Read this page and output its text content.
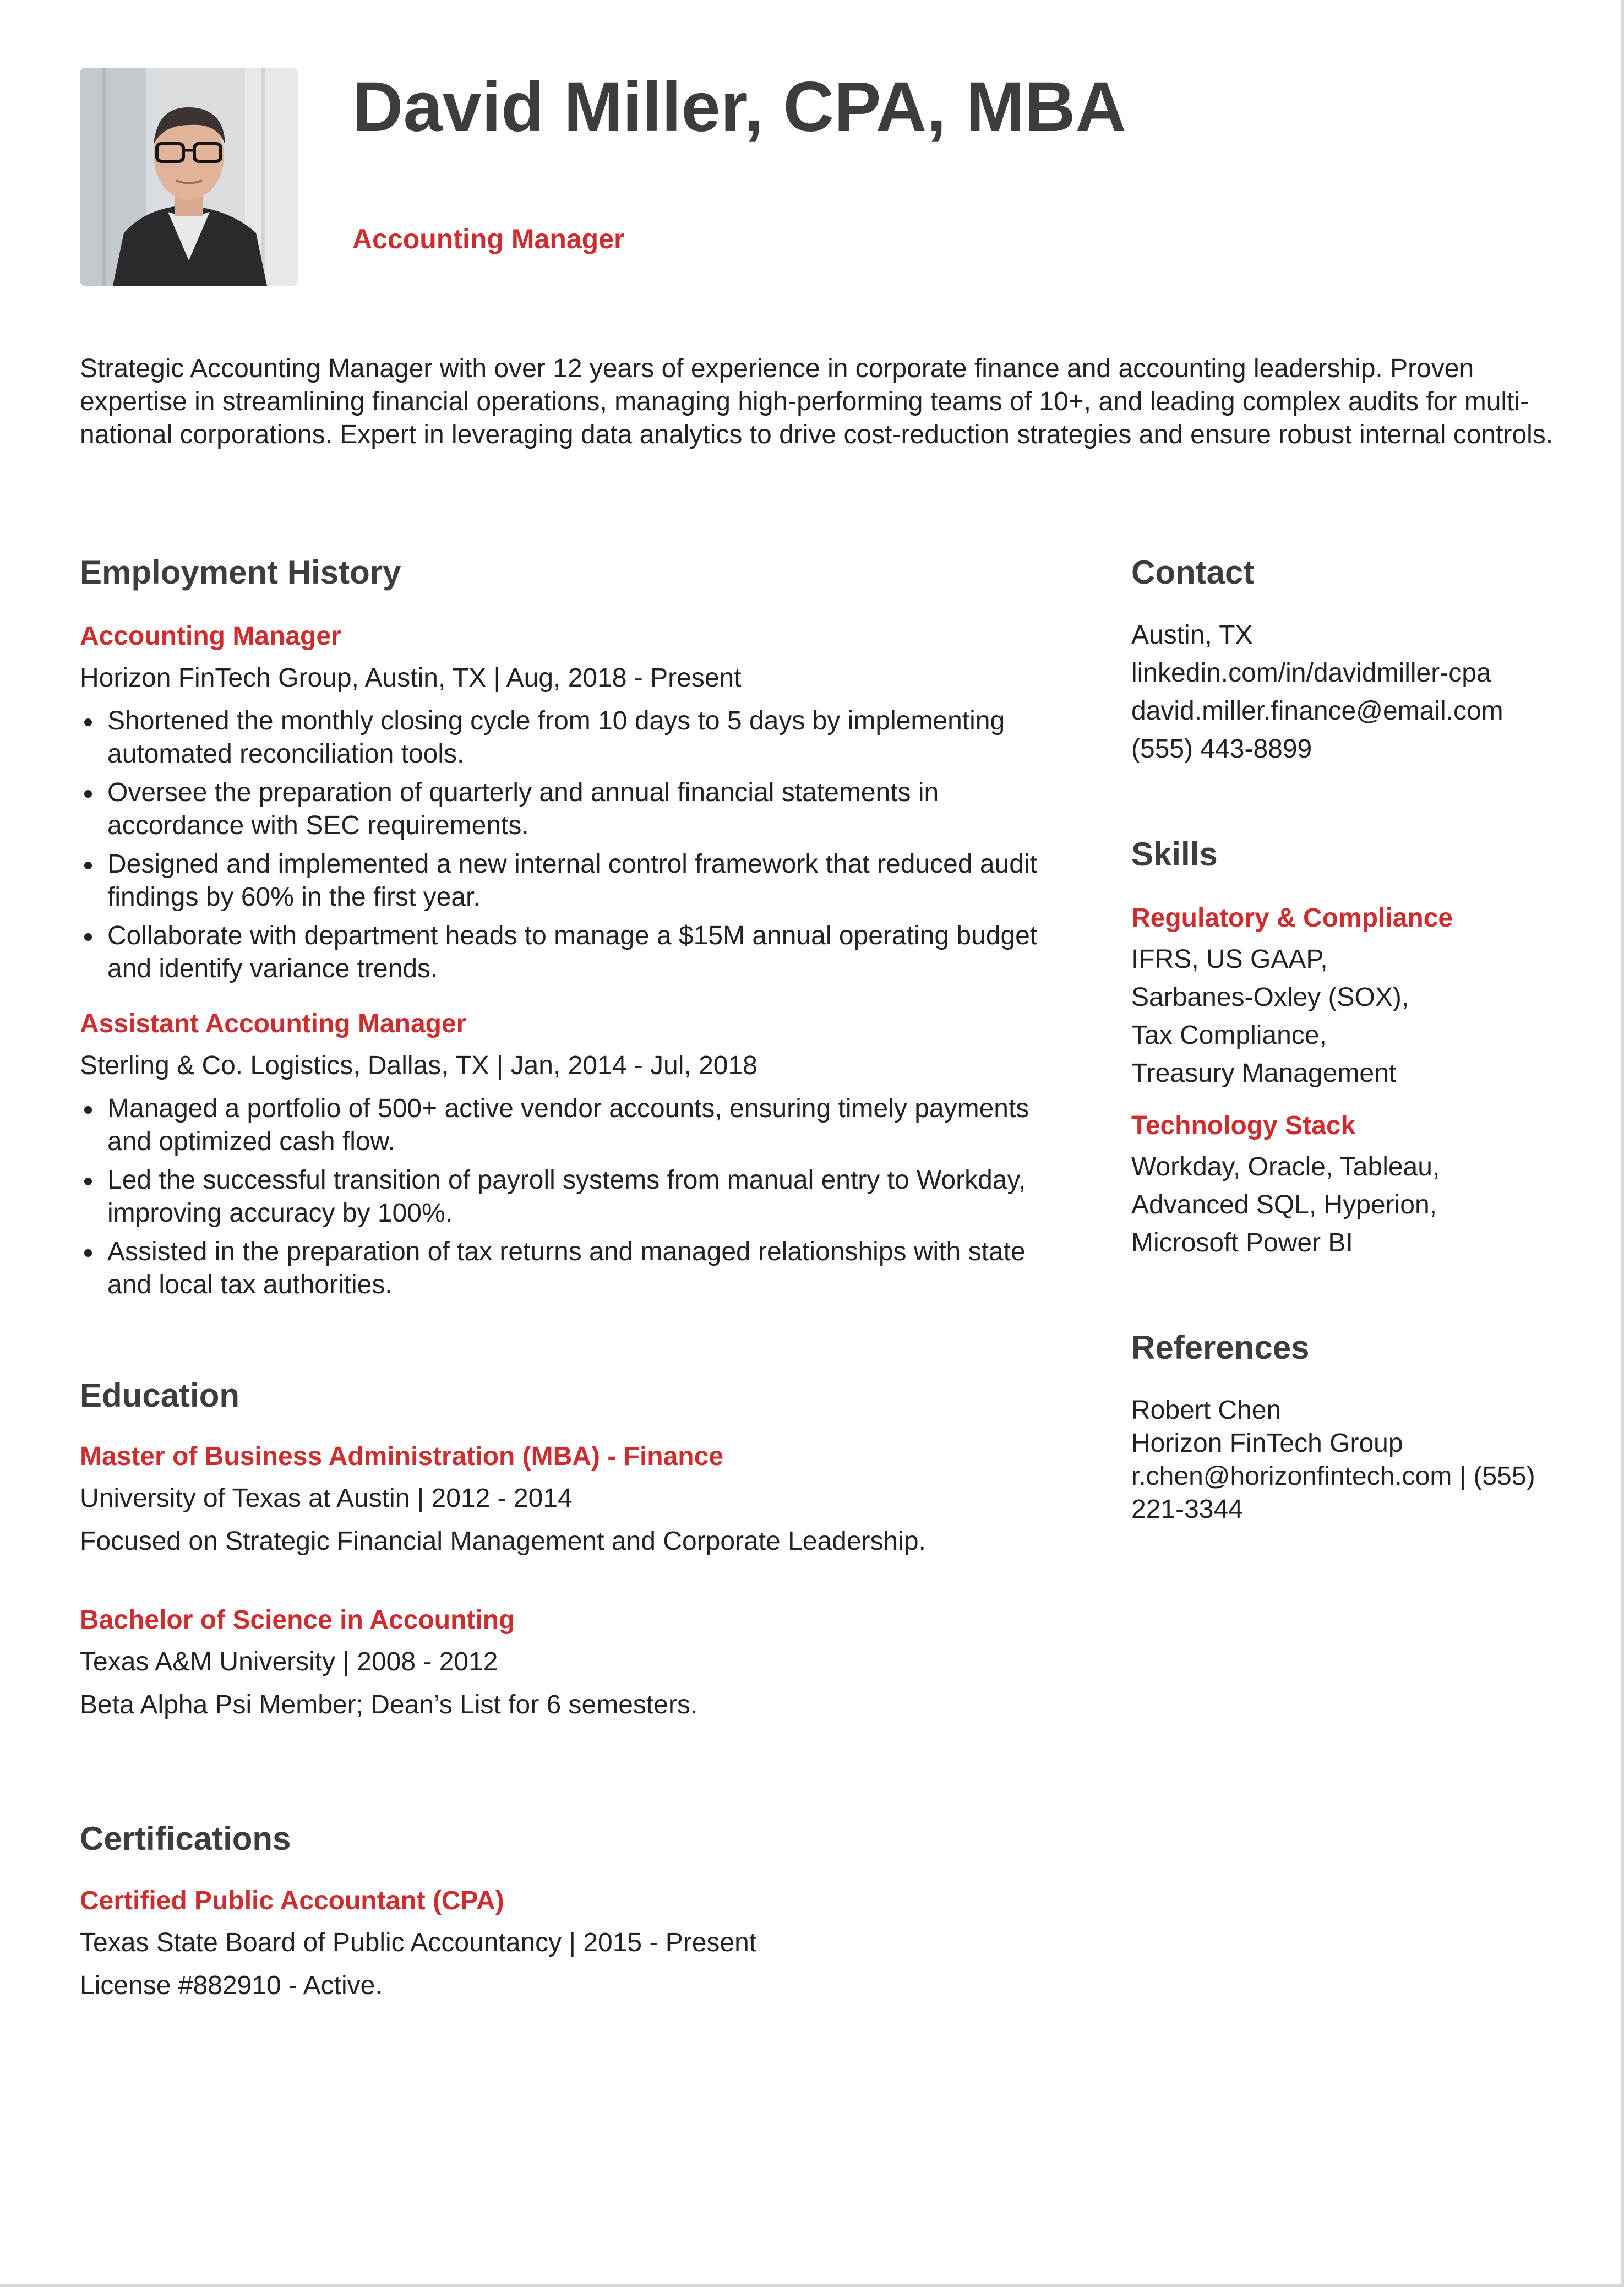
David Miller, CPA, MBA
Accounting Manager

Strategic Accounting Manager with over 12 years of experience in corporate finance and accounting leadership. Proven expertise in streamlining financial operations, managing high-performing teams of 10+, and leading complex audits for multi-national corporations. Expert in leveraging data analytics to drive cost-reduction strategies and ensure robust internal controls.

Employment History
Accounting Manager
Horizon FinTech Group, Austin, TX | Aug, 2018 - Present
Shortened the monthly closing cycle from 10 days to 5 days by implementing automated reconciliation tools.
Oversee the preparation of quarterly and annual financial statements in accordance with SEC requirements.
Designed and implemented a new internal control framework that reduced audit findings by 60% in the first year.
Collaborate with department heads to manage a $15M annual operating budget and identify variance trends.
Assistant Accounting Manager
Sterling & Co. Logistics, Dallas, TX | Jan, 2014 - Jul, 2018
Managed a portfolio of 500+ active vendor accounts, ensuring timely payments and optimized cash flow.
Led the successful transition of payroll systems from manual entry to Workday, improving accuracy by 100%.
Assisted in the preparation of tax returns and managed relationships with state and local tax authorities.
Education
Master of Business Administration (MBA) - Finance
University of Texas at Austin | 2012 - 2014
Focused on Strategic Financial Management and Corporate Leadership.
Bachelor of Science in Accounting
Texas A&M University | 2008 - 2012
Beta Alpha Psi Member; Dean’s List for 6 semesters.
Certifications
Certified Public Accountant (CPA)
Texas State Board of Public Accountancy | 2015 - Present
License #882910 - Active.
Contact
Austin, TX
linkedin.com/in/davidmiller-cpa
david.miller.finance@email.com
(555) 443-8899
Skills
Regulatory & Compliance
IFRS, US GAAP,
Sarbanes-Oxley (SOX),
Tax Compliance,
Treasury Management
Technology Stack
Workday, Oracle, Tableau,
Advanced SQL, Hyperion,
Microsoft Power BI
References
Robert Chen
Horizon FinTech Group
r.chen@horizonfintech.com | (555)
221-3344
